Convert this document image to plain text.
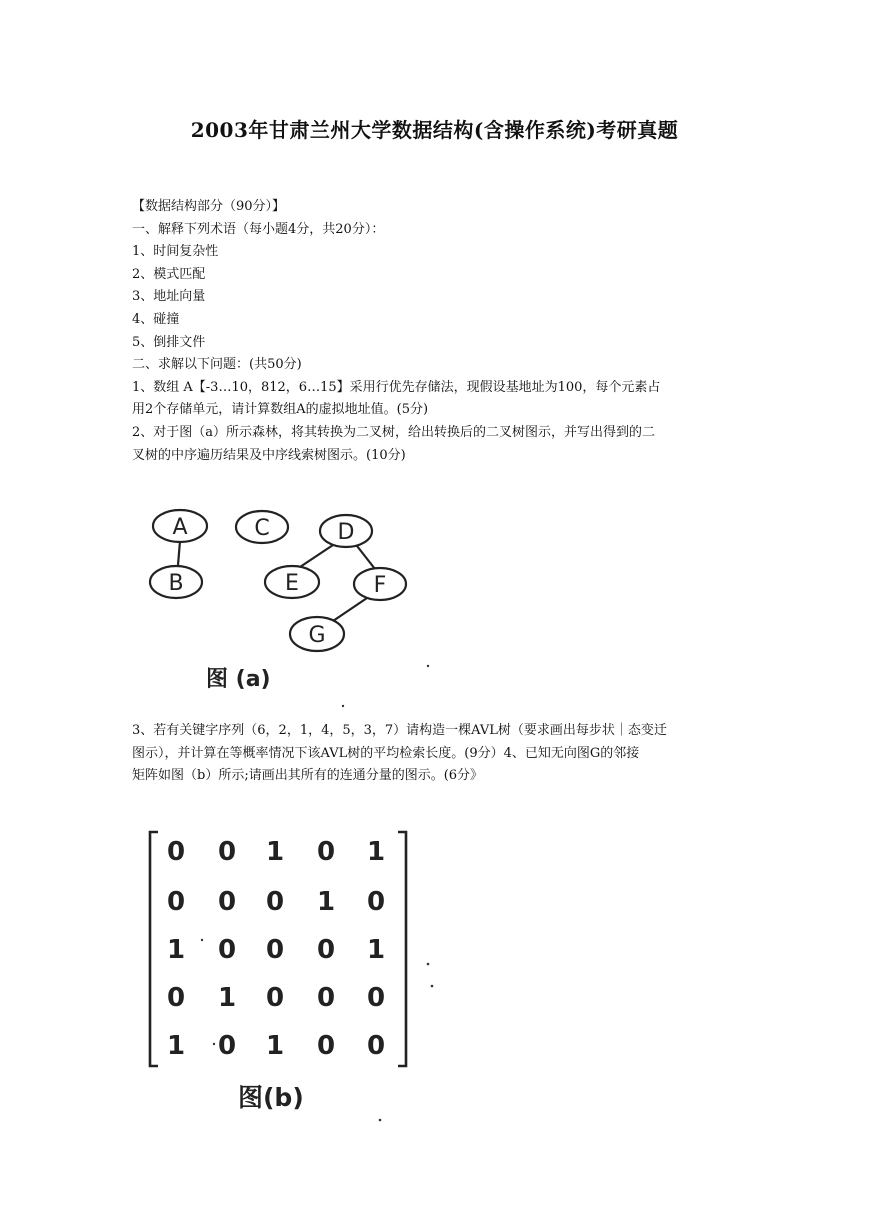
2003年甘肃兰州大学数据结构(含操作系统)考研真题
【数据结构部分（90分）】
一、解释下列术语（每小题4分，共20分）：
1、时间复杂性
2、模式匹配
3、地址向量
4、碰撞
5、倒排文件
二、求解以下问题：(共50分)
1、数组 A【-3…10，812，6…15】采用行优先存储法，现假设基地址为100，每个元素占
用2个存储单元，请计算数组A的虚拟地址值。(5分)
2、对于图（a）所示森林，将其转换为二叉树，给出转换后的二叉树图示，并写出得到的二
叉树的中序遍历结果及中序线索树图示。(10分)
A
B
C	D
E	F
G
图 (a)
3、若有关键字序列（6，2，1，4，5，3，7）请构造一棵AVL树（要求画出每步状｜态变迁
图示），并计算在等概率情况下该AVL树的平均检索长度。(9分）4、已知无向图G的邻接
矩阵如图（b）所示;请画出其所有的连通分量的图示。(6分》
0 0 1 0 1
0 0 0 1 0
1 0 0 0 1
0 1 0 0 0
1 0 1 0 0
图(b)
